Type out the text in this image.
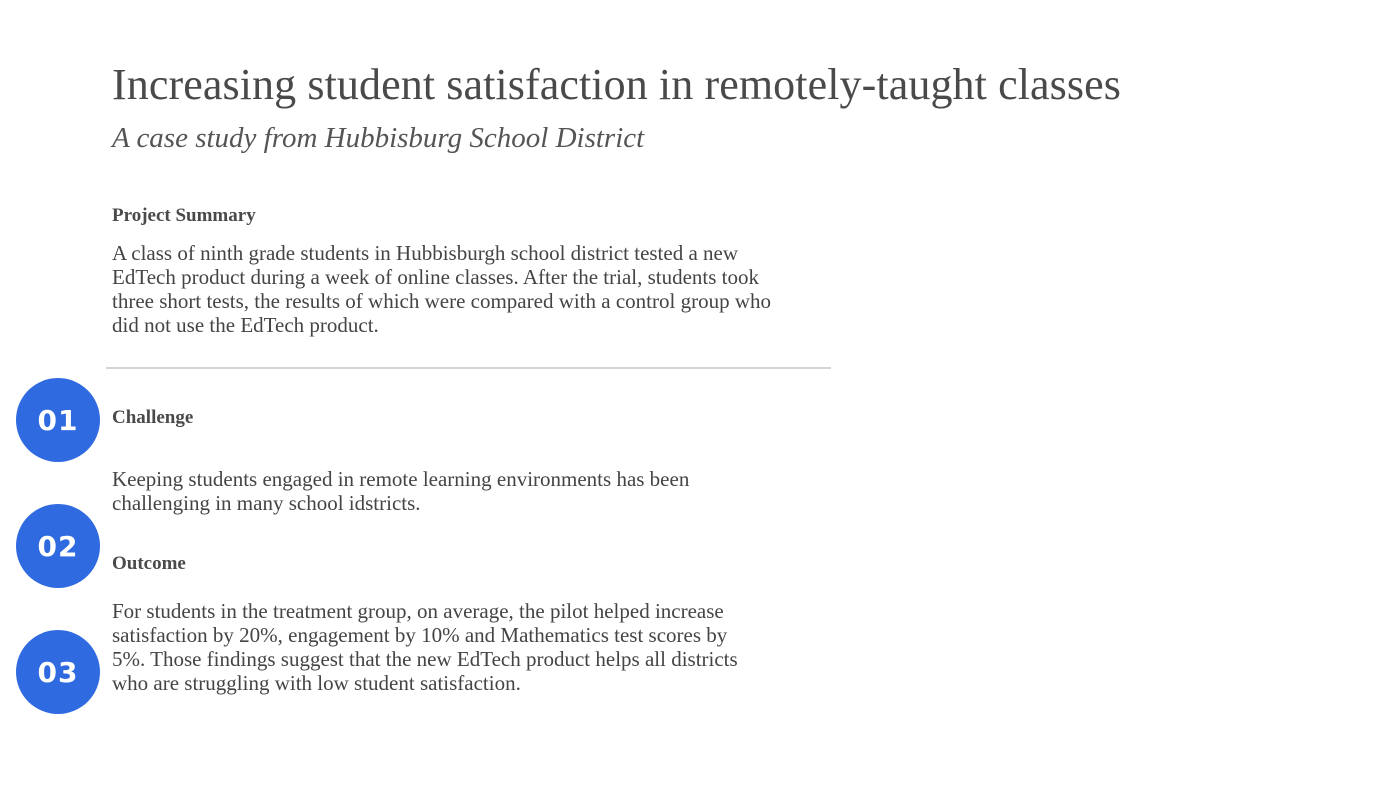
Increasing student satisfaction in remotely-taught classes
A case study from Hubbisburg School District
Project Summary

A class of ninth grade students in Hubbisburgh school district tested a new EdTech product during a week of online classes. After the trial, students took three short tests, the results of which were compared with a control group who did not use the EdTech product.

01
02
03
Challenge

Keeping students engaged in remote learning environments has been challenging in many school idstricts.

Outcome

For students in the treatment group, on average, the pilot helped increase satisfaction by 20%, engagement by 10% and Mathematics test scores by 5%. Those findings suggest that the new EdTech product helps all districts who are struggling with low student satisfaction.
